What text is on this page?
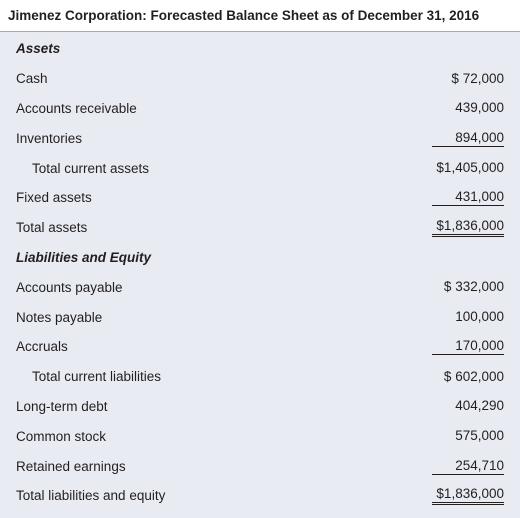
Jimenez Corporation: Forecasted Balance Sheet as of December 31, 2016
Assets
Cash	$ 72,000
Accounts receivable	439,000
Inventories	894,000
Total current assets	$1,405,000
Fixed assets	431,000
Total assets	$1,836,000
Liabilities and Equity
Accounts payable	$ 332,000
Notes payable	100,000
Accruals	170,000
Total current liabilities	$ 602,000
Long-term debt	404,290
Common stock	575,000
Retained earnings	254,710
Total liabilities and equity	$1,836,000
